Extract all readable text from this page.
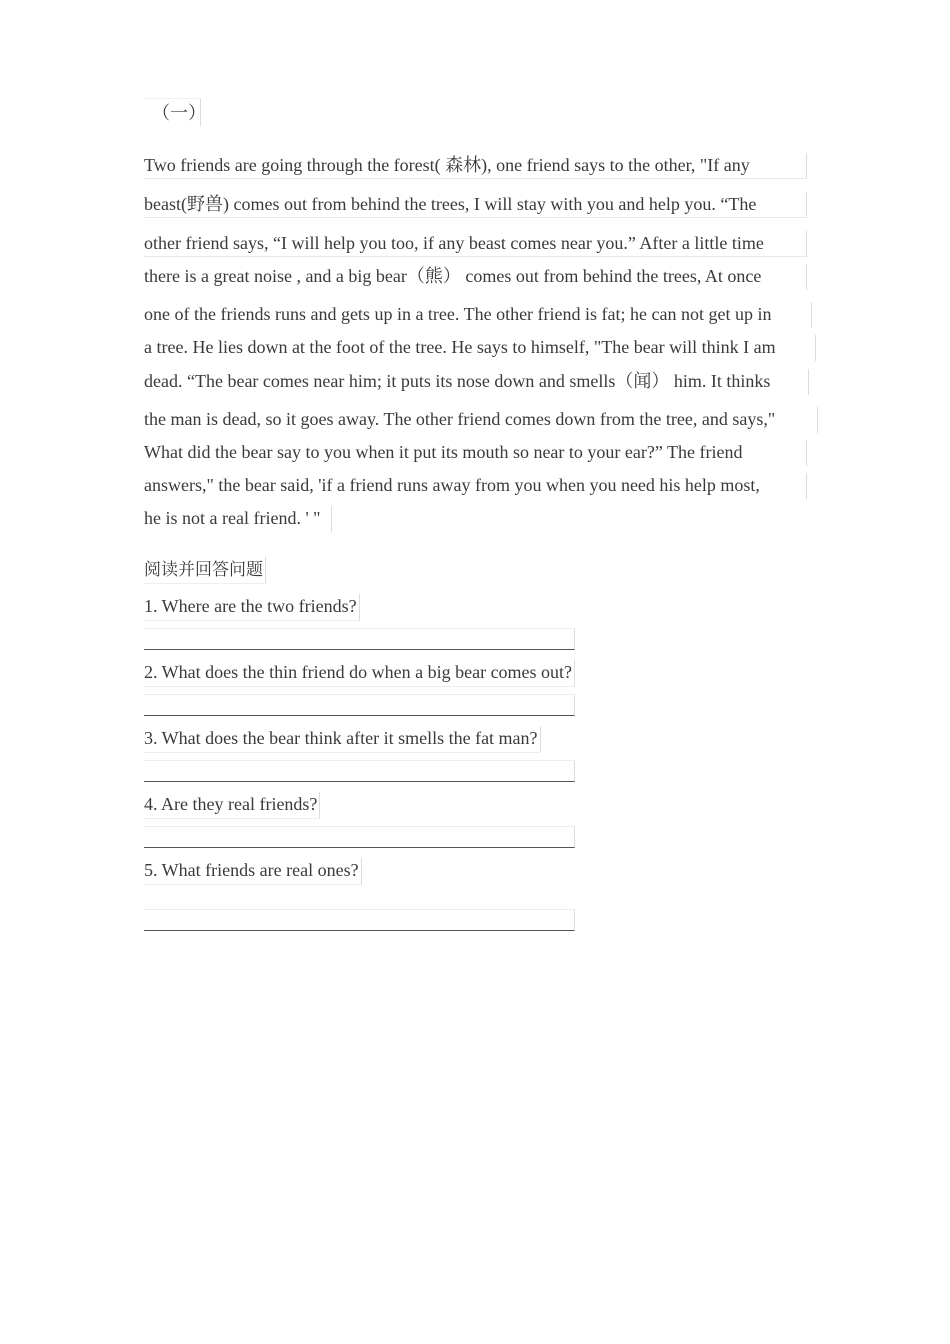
（一）
Two friends are going through the forest( 森林), one friend says to the other, "If any
beast(野兽) comes out from behind the trees, I will stay with you and help you. “The
other friend says, “I will help you too, if any beast comes near you.” After a little time
there is a great noise , and a big bear（熊） comes out from behind the trees, At once
one of the friends runs and gets up in a tree. The other friend is fat; he can not get up in
a tree. He lies down at the foot of the tree. He says to himself, "The bear will think I am
dead. “The bear comes near him; it puts its nose down and smells（闻） him. It thinks
the man is dead, so it goes away. The other friend comes down from the tree, and says,"
What did the bear say to you when it put its mouth so near to your ear?” The friend
answers," the bear said, 'if a friend runs away from you when you need his help most,
he is not a real friend. ' "
阅读并回答问题
1. Where are the two friends?
2. What does the thin friend do when a big bear comes out?
3. What does the bear think after it smells the fat man?
4. Are they real friends?
5. What friends are real ones?
